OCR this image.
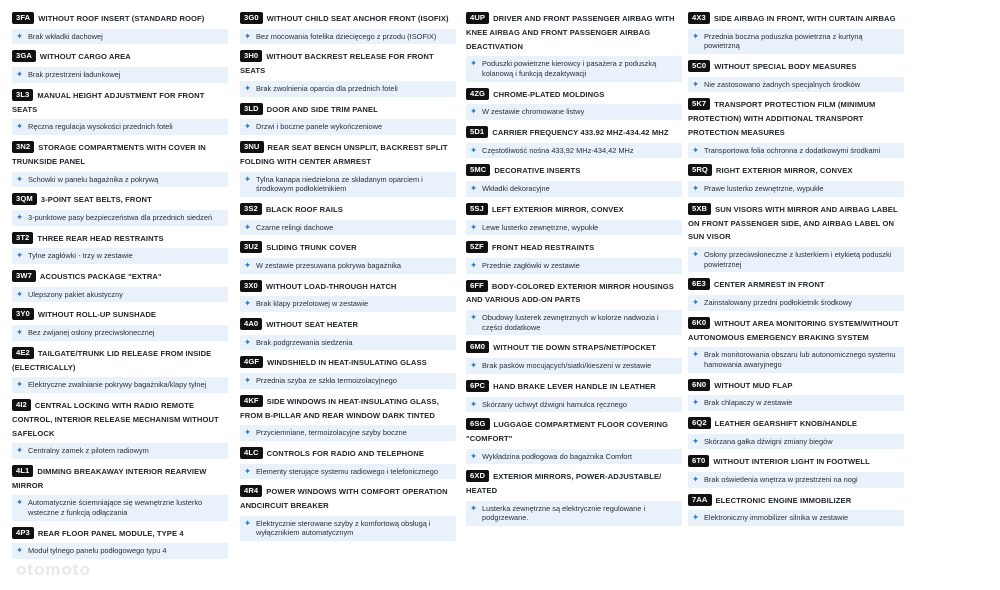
3FA WITHOUT ROOF INSERT (STANDARD ROOF)
✦ Brak wkładki dachowej
3GA WITHOUT CARGO AREA
✦ Brak przestrzeni ładunkowej
3L3 MANUAL HEIGHT ADJUSTMENT FOR FRONT SEATS
✦ Ręczna regulacja wysokości przednich foteli
3N2 STORAGE COMPARTMENTS WITH COVER IN TRUNKSIDE PANEL
✦ Schowki w panelu bagażnika z pokrywą
3QM 3-POINT SEAT BELTS, FRONT
✦ 3-punktowe pasy bezpieczeństwa dla przednich siedzeń
3T2 THREE REAR HEAD RESTRAINTS
✦ Tylne zagłówki - trzy w zestawie
3W7 ACOUSTICS PACKAGE "EXTRA"
✦ Ulepszony pakiet akustyczny
3Y0 WITHOUT ROLL-UP SUNSHADE
✦ Bez zwijanej osłony przeciwsłonecznej
4E2 TAILGATE/TRUNK LID RELEASE FROM INSIDE (ELECTRICALLY)
✦ Elektryczne zwalnianie pokrywy bagażnika/klapy tylnej
4I2 CENTRAL LOCKING WITH RADIO REMOTE CONTROL, INTERIOR RELEASE MECHANISM WITHOUT SAFELOCK
✦ Centralny zamek z pilotem radiowym
4L1 DIMMING BREAKAWAY INTERIOR REARVIEW MIRROR
✦ Automatycznie ściemniające się wewnętrzne lusterko wsteczne z funkcją odłączania
4P3 REAR FLOOR PANEL MODULE, TYPE 4
✦ Moduł tylnego panelu podłogowego typu 4
3G0 WITHOUT CHILD SEAT ANCHOR FRONT (ISOFIX)
✦ Bez mocowania fotelika dziecięcego z przodu (ISOFIX)
3H0 WITHOUT BACKREST RELEASE FOR FRONT SEATS
✦ Brak zwolnienia oparcia dla przednich foteli
3LD DOOR AND SIDE TRIM PANEL
✦ Drzwi i boczne panele wykończeniowe
3NU REAR SEAT BENCH UNSPLIT, BACKREST SPLIT FOLDING WITH CENTER ARMREST
✦ Tylna kanapa niedzielona ze składanym oparciem i środkowym podłokietnikiem
3S2 BLACK ROOF RAILS
✦ Czarne relingi dachowe
3U2 SLIDING TRUNK COVER
✦ W zestawie przesuwana pokrywa bagażnika
3X0 WITHOUT LOAD-THROUGH HATCH
✦ Brak klapy przelotowej w zestawie
4A0 WITHOUT SEAT HEATER
✦ Brak podgrzewania siedzenia
4GF WINDSHIELD IN HEAT-INSULATING GLASS
✦ Przednia szyba ze szkła termoizolacyjnego
4KF SIDE WINDOWS IN HEAT-INSULATING GLASS, FROM B-PILLAR AND REAR WINDOW DARK TINTED
✦ Przyciemniane, termoizolacyjne szyby boczne
4LC CONTROLS FOR RADIO AND TELEPHONE
✦ Elementy sterujące systemu radiowego i telefonicznego
4R4 POWER WINDOWS WITH COMFORT OPERATION ANDCIRCUIT BREAKER
✦ Elektrycznie sterowane szyby z komfortową obsługą i wyłącznikiem automatycznym
4UP DRIVER AND FRONT PASSENGER AIRBAG WITH KNEE AIRBAG AND FRONT PASSENGER AIRBAG DEACTIVATION
✦ Poduszki powietrzne kierowcy i pasażera z poduszką kolanową i funkcją dezaktywacji
4ZG CHROME-PLATED MOLDINGS
✦ W zestawie chromowane listwy
5D1 CARRIER FREQUENCY 433.92 MHZ-434.42 MHZ
✦ Częstotliwość nośna 433,92 MHz-434,42 MHz
5MC DECORATIVE INSERTS
✦ Wkładki dekoracyjne
5SJ LEFT EXTERIOR MIRROR, CONVEX
✦ Lewe lusterko zewnętrzne, wypukłe
5ZF FRONT HEAD RESTRAINTS
✦ Przednie zagłówki w zestawie
6FF BODY-COLORED EXTERIOR MIRROR HOUSINGS AND VARIOUS ADD-ON PARTS
✦ Obudowy lusterek zewnętrznych w kolorze nadwozia i części dodatkowe
6M0 WITHOUT TIE DOWN STRAPS/NET/POCKET
✦ Brak pasków mocujących/siatki/kieszeni w zestawie
6PC HAND BRAKE LEVER HANDLE IN LEATHER
✦ Skórzany uchwyt dźwigni hamulca ręcznego
6SG LUGGAGE COMPARTMENT FLOOR COVERING "COMFORT"
✦ Wykładzina podłogowa do bagażnika Comfort
6XD EXTERIOR MIRRORS, POWER-ADJUSTABLE/ HEATED
✦ Lusterka zewnętrzne są elektrycznie regulowane i podgrzewane.
4X3 SIDE AIRBAG IN FRONT, WITH CURTAIN AIRBAG
✦ Przednia boczna poduszka powietrzna z kurtyną powietrzną
5C0 WITHOUT SPECIAL BODY MEASURES
✦ Nie zastosowano żadnych specjalnych środków
5K7 TRANSPORT PROTECTION FILM (MINIMUM PROTECTION) WITH ADDITIONAL TRANSPORT PROTECTION MEASURES
✦ Transportowa folia ochronna z dodatkowymi środkami
5RQ RIGHT EXTERIOR MIRROR, CONVEX
✦ Prawe lusterko zewnętrzne, wypukłe
5XB SUN VISORS WITH MIRROR AND AIRBAG LABEL ON FRONT PASSENGER SIDE, AND AIRBAG LABEL ON SUN VISOR
✦ Osłony przeciwsłoneczne z lusterkiem i etykietą poduszki powietrznej
6E3 CENTER ARMREST IN FRONT
✦ Zainstalowany przedni podłokietnik środkowy
6K0 WITHOUT AREA MONITORING SYSTEM/WITHOUT AUTONOMOUS EMERGENCY BRAKING SYSTEM
✦ Brak monitorowania obszaru lub autonomicznego systemu hamowania awaryjnego
6N0 WITHOUT MUD FLAP
✦ Brak chlapaczy w zestawie
6Q2 LEATHER GEARSHIFT KNOB/HANDLE
✦ Skórzana gałka dźwigni zmiany biegów
6T0 WITHOUT INTERIOR LIGHT IN FOOTWELL
✦ Brak oświetlenia wnętrza w przestrzeni na nogi
7AA ELECTRONIC ENGINE IMMOBILIZER
✦ Elektroniczny immobilizer silnika w zestawie
otomoto
